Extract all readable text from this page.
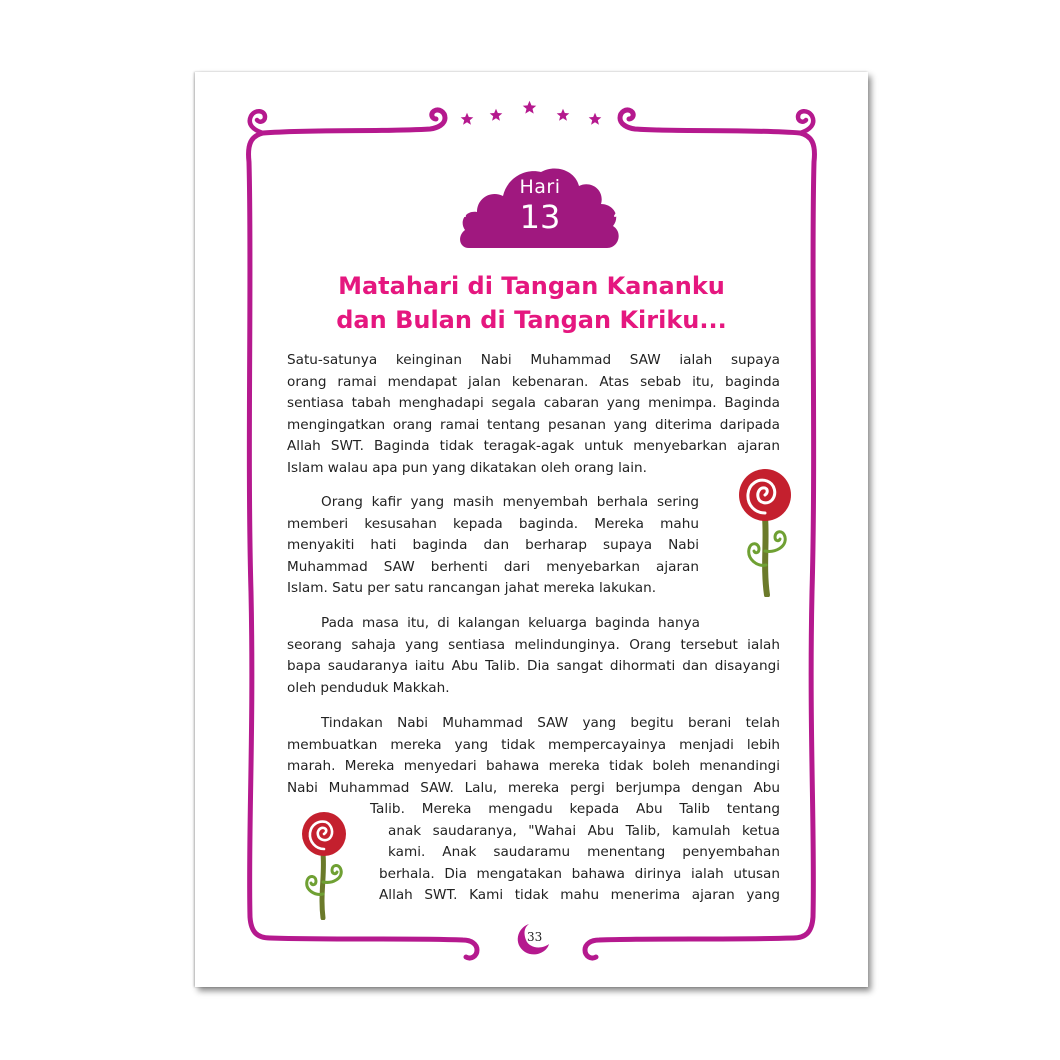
Hari
13
Matahari di Tangan Kananku
dan Bulan di Tangan Kiriku...
Satu-satunya keinginan Nabi Muhammad SAW ialah supaya
orang ramai mendapat jalan kebenaran. Atas sebab itu, baginda
sentiasa tabah menghadapi segala cabaran yang menimpa. Baginda
mengingatkan orang ramai tentang pesanan yang diterima daripada
Allah SWT. Baginda tidak teragak-agak untuk menyebarkan ajaran
Islam walau apa pun yang dikatakan oleh orang lain.
Orang kafir yang masih menyembah berhala sering
memberi kesusahan kepada baginda. Mereka mahu
menyakiti hati baginda dan berharap supaya Nabi
Muhammad SAW berhenti dari menyebarkan ajaran
Islam. Satu per satu rancangan jahat mereka lakukan.
Pada masa itu, di kalangan keluarga baginda hanya
seorang sahaja yang sentiasa melindunginya. Orang tersebut ialah
bapa saudaranya iaitu Abu Talib. Dia sangat dihormati dan disayangi
oleh penduduk Makkah.
Tindakan Nabi Muhammad SAW yang begitu berani telah
membuatkan mereka yang tidak mempercayainya menjadi lebih
marah. Mereka menyedari bahawa mereka tidak boleh menandingi
Nabi Muhammad SAW. Lalu, mereka pergi berjumpa dengan Abu
Talib. Mereka mengadu kepada Abu Talib tentang
anak saudaranya, "Wahai Abu Talib, kamulah ketua
kami. Anak saudaramu menentang penyembahan
berhala. Dia mengatakan bahawa dirinya ialah utusan
Allah SWT. Kami tidak mahu menerima ajaran yang
33
